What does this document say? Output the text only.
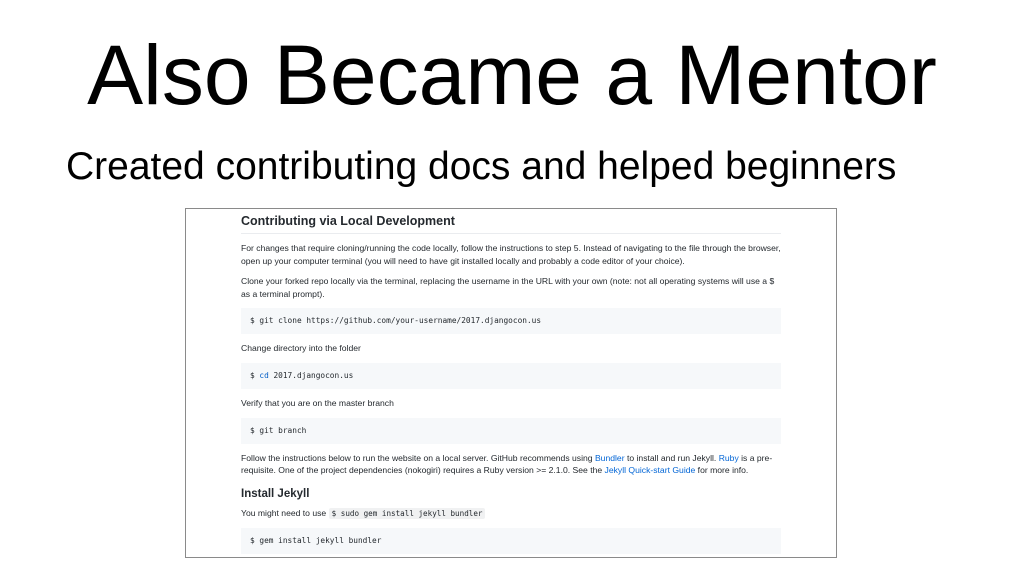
Also Became a Mentor
Created contributing docs and helped beginners
Contributing via Local Development

For changes that require cloning/running the code locally, follow the instructions to step 5. Instead of navigating to the file through the browser, open up your computer terminal (you will need to have git installed locally and probably a code editor of your choice).

Clone your forked repo locally via the terminal, replacing the username in the URL with your own (note: not all operating systems will use a $ as a terminal prompt).

$ git clone https://github.com/your-username/2017.djangocon.us

Change directory into the folder

$ cd 2017.djangocon.us

Verify that you are on the master branch

$ git branch

Follow the instructions below to run the website on a local server. GitHub recommends using Bundler to install and run Jekyll. Ruby is a pre-requisite. One of the project dependencies (nokogiri) requires a Ruby version >= 2.1.0. See the Jekyll Quick-start Guide for more info.

Install Jekyll

You might need to use $ sudo gem install jekyll bundler

$ gem install jekyll bundler
